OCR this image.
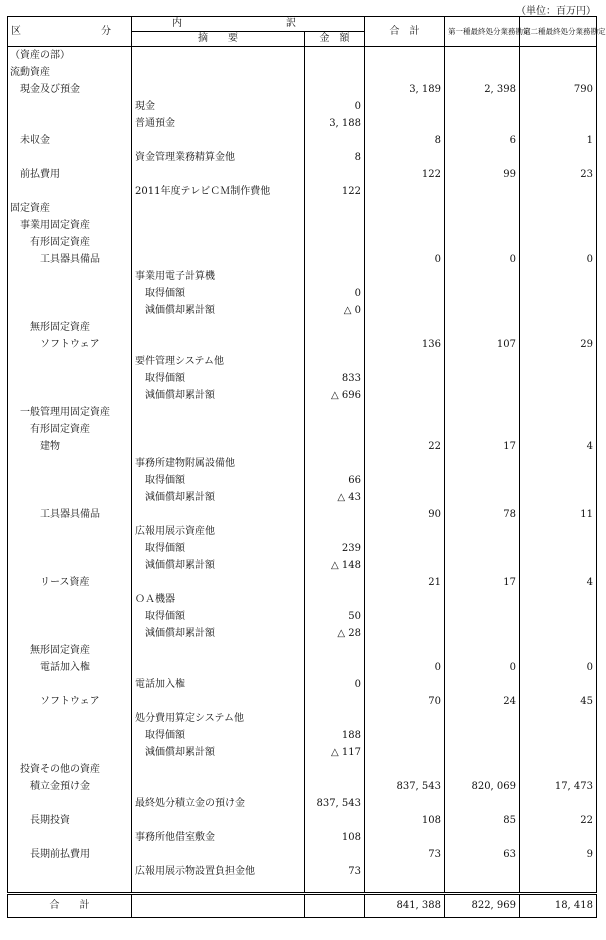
（単位：百万円）
区　　分	内　　訳		合　計	第一種最終処分業務勘定	第二種最終処分業務勘定
	摘　　要	金　額			
（資産の部）					
流動資産					
現金及び預金			3, 189	2, 398	790
	現金	0			
	普通預金	3, 188			
未収金			8	6	1
	資金管理業務精算金他	8			
前払費用			122	99	23
	2011年度テレビＣＭ制作費他	122			
固定資産					
事業用固定資産					
有形固定資産					
工具器具備品			0	0	0
	事業用電子計算機				
	　取得価額	0			
	　減価償却累計額	△ 0			
無形固定資産					
ソフトウェア			136	107	29
	要件管理システム他				
	　取得価額	833			
	　減価償却累計額	△ 696			
一般管理用固定資産					
有形固定資産					
建物			22	17	4
	事務所建物附属設備他				
	　取得価額	66			
	　減価償却累計額	△ 43			
工具器具備品			90	78	11
	広報用展示資産他				
	　取得価額	239			
	　減価償却累計額	△ 148			
リース資産			21	17	4
	ＯＡ機器				
	　取得価額	50			
	　減価償却累計額	△ 28			
無形固定資産					
電話加入権			0	0	0
	電話加入権	0			
ソフトウェア			70	24	45
	処分費用算定システム他				
	　取得価額	188			
	　減価償却累計額	△ 117			
投資その他の資産					
積立金預け金			837, 543	820, 069	17, 473
	最終処分積立金の預け金	837, 543			
長期投資			108	85	22
	事務所他借室敷金	108			
長期前払費用			73	63	9
	広報用展示物設置負担金他	73			

合　　計			841, 388	822, 969	18, 418
